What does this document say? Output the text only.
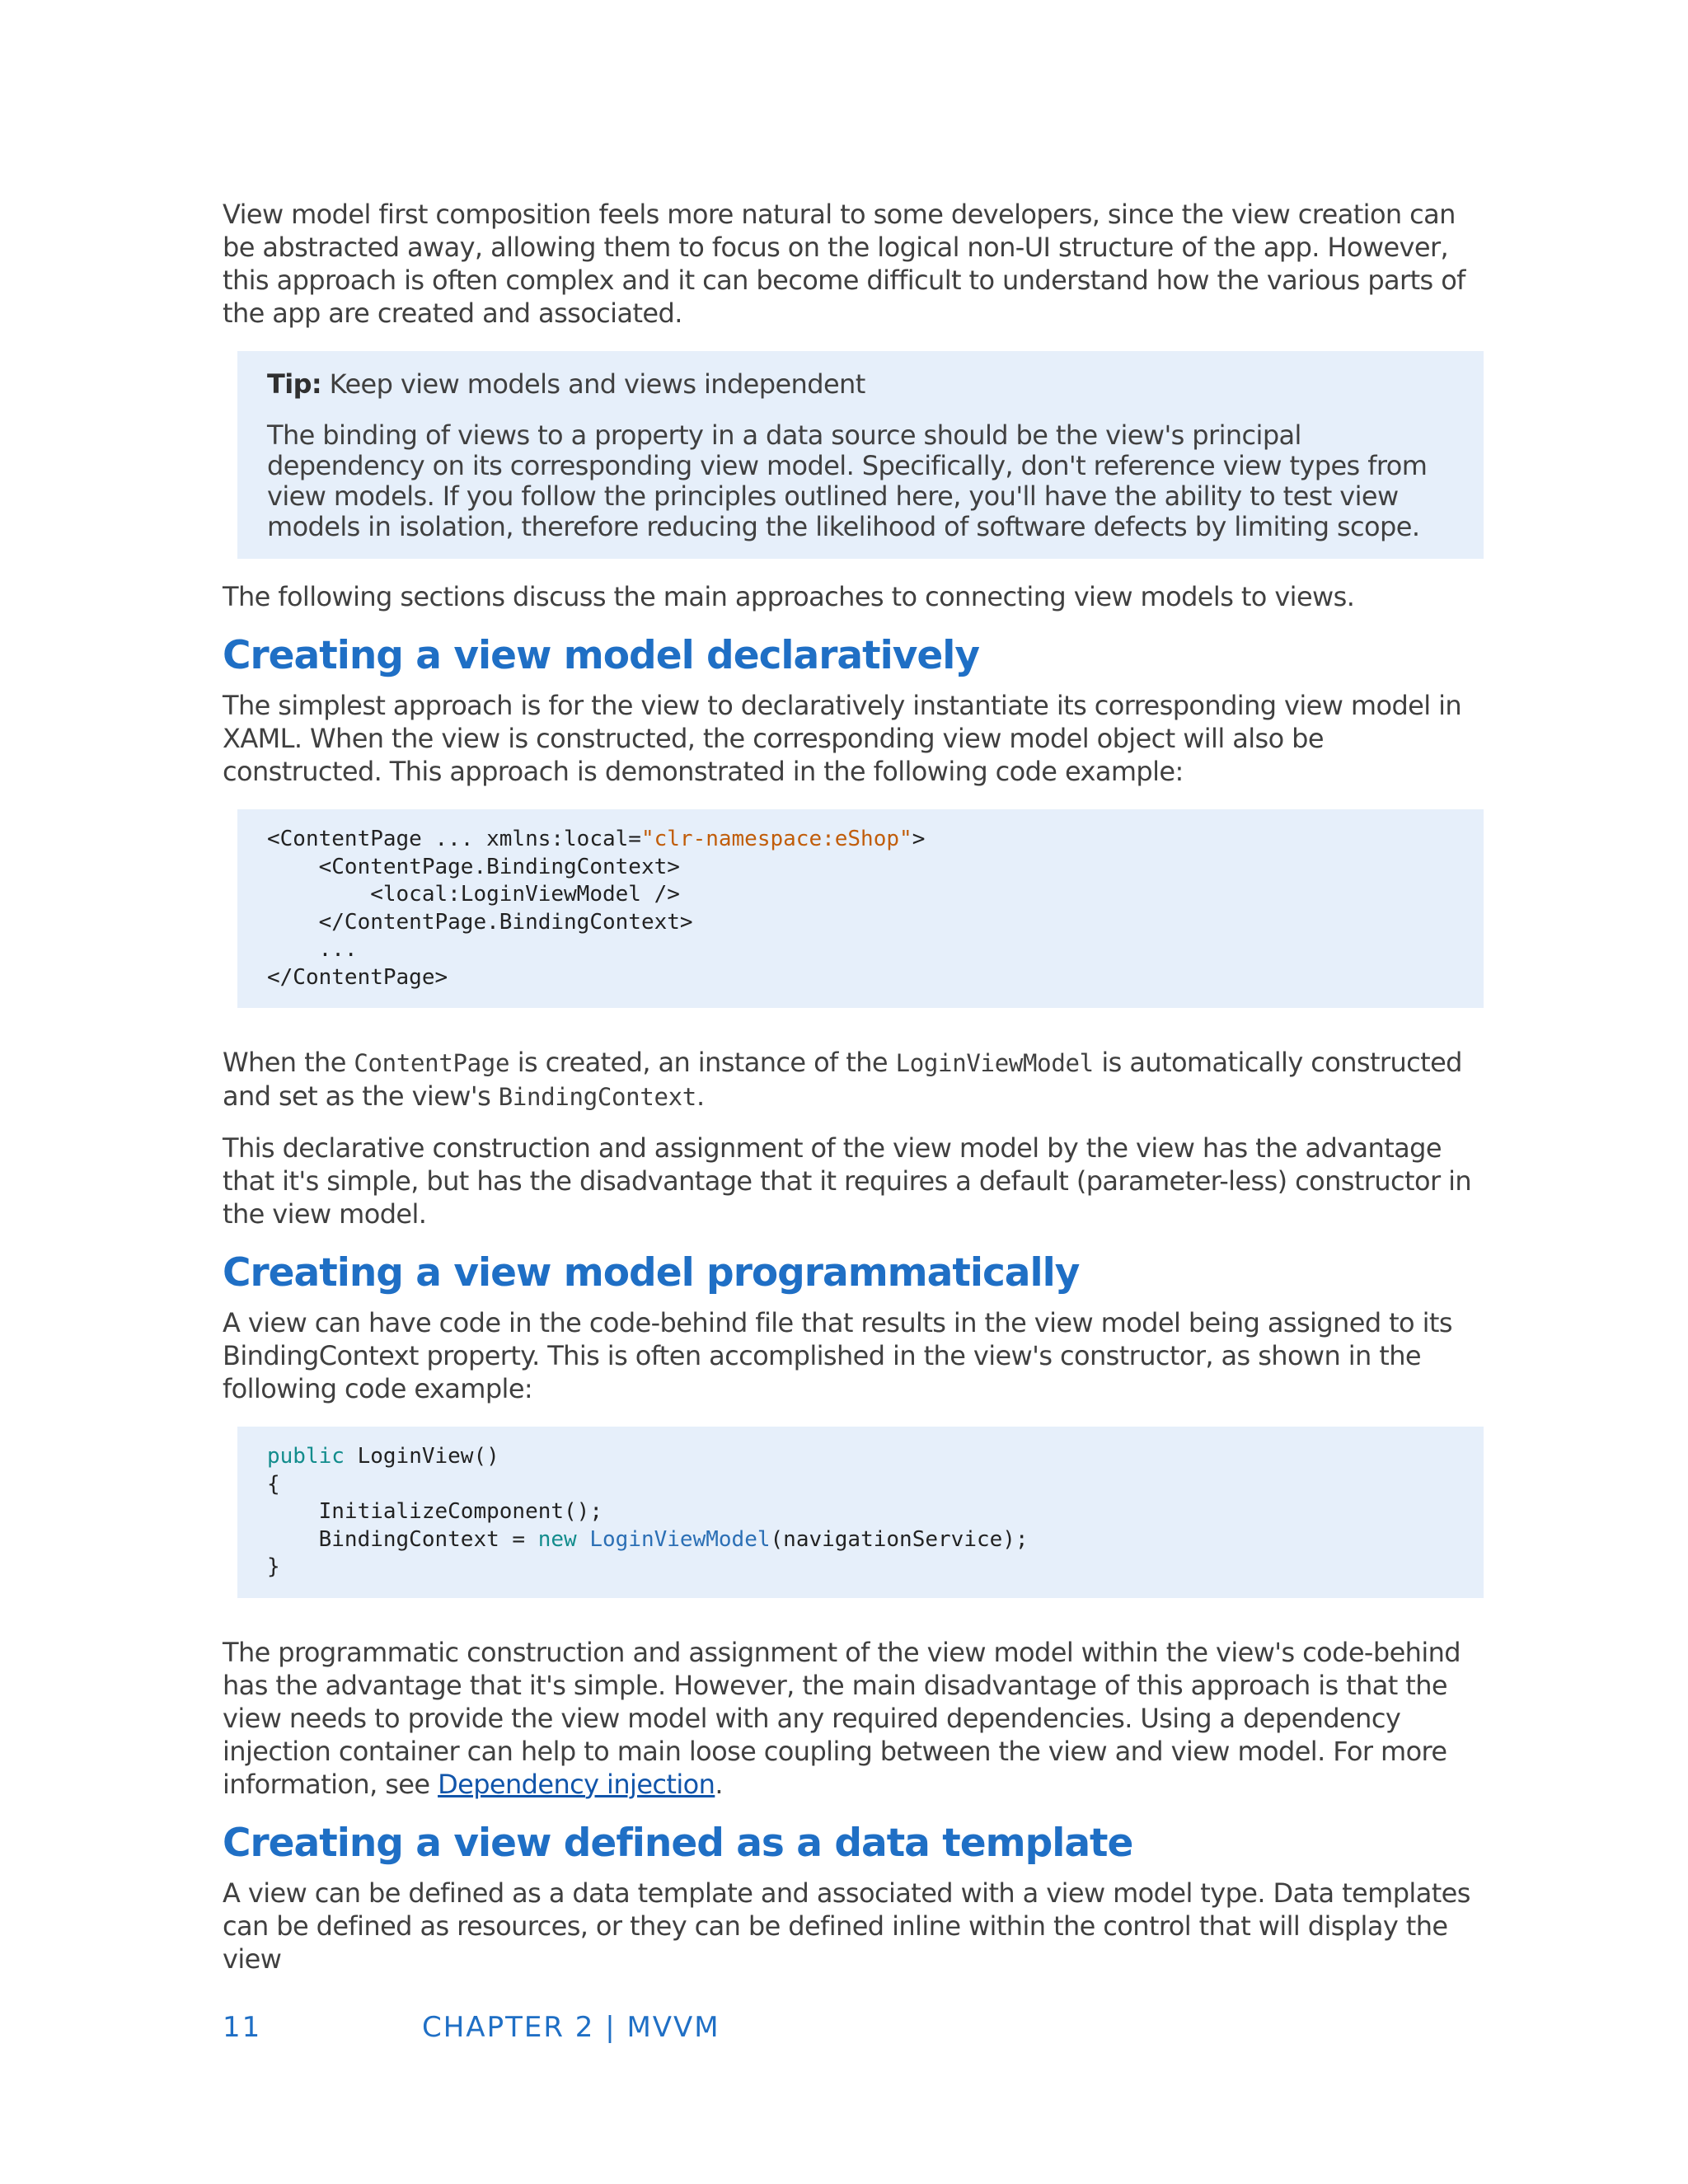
View model first composition feels more natural to some developers, since the view creation can be abstracted away, allowing them to focus on the logical non-UI structure of the app. However, this approach is often complex and it can become difficult to understand how the various parts of the app are created and associated.

Tip: Keep view models and views independent

The binding of views to a property in a data source should be the view's principal dependency on its corresponding view model. Specifically, don't reference view types from view models. If you follow the principles outlined here, you'll have the ability to test view models in isolation, therefore reducing the likelihood of software defects by limiting scope.

The following sections discuss the main approaches to connecting view models to views.

Creating a view model declaratively

The simplest approach is for the view to declaratively instantiate its corresponding view model in XAML. When the view is constructed, the corresponding view model object will also be constructed. This approach is demonstrated in the following code example:

<ContentPage ... xmlns:local="clr-namespace:eShop">
<ContentPage.BindingContext>
<local:LoginViewModel />
</ContentPage.BindingContext>
...
</ContentPage>

When the ContentPage is created, an instance of the LoginViewModel is automatically constructed and set as the view's BindingContext.

This declarative construction and assignment of the view model by the view has the advantage that it's simple, but has the disadvantage that it requires a default (parameter-less) constructor in the view model.

Creating a view model programmatically

A view can have code in the code-behind file that results in the view model being assigned to its BindingContext property. This is often accomplished in the view's constructor, as shown in the following code example:

public LoginView()
{
InitializeComponent();
BindingContext = new LoginViewModel(navigationService);
}

The programmatic construction and assignment of the view model within the view's code-behind has the advantage that it's simple. However, the main disadvantage of this approach is that the view needs to provide the view model with any required dependencies. Using a dependency injection container can help to main loose coupling between the view and view model. For more information, see Dependency injection.

Creating a view defined as a data template

A view can be defined as a data template and associated with a view model type. Data templates can be defined as resources, or they can be defined inline within the control that will display the view

11	CHAPTER 2 | MVVM
